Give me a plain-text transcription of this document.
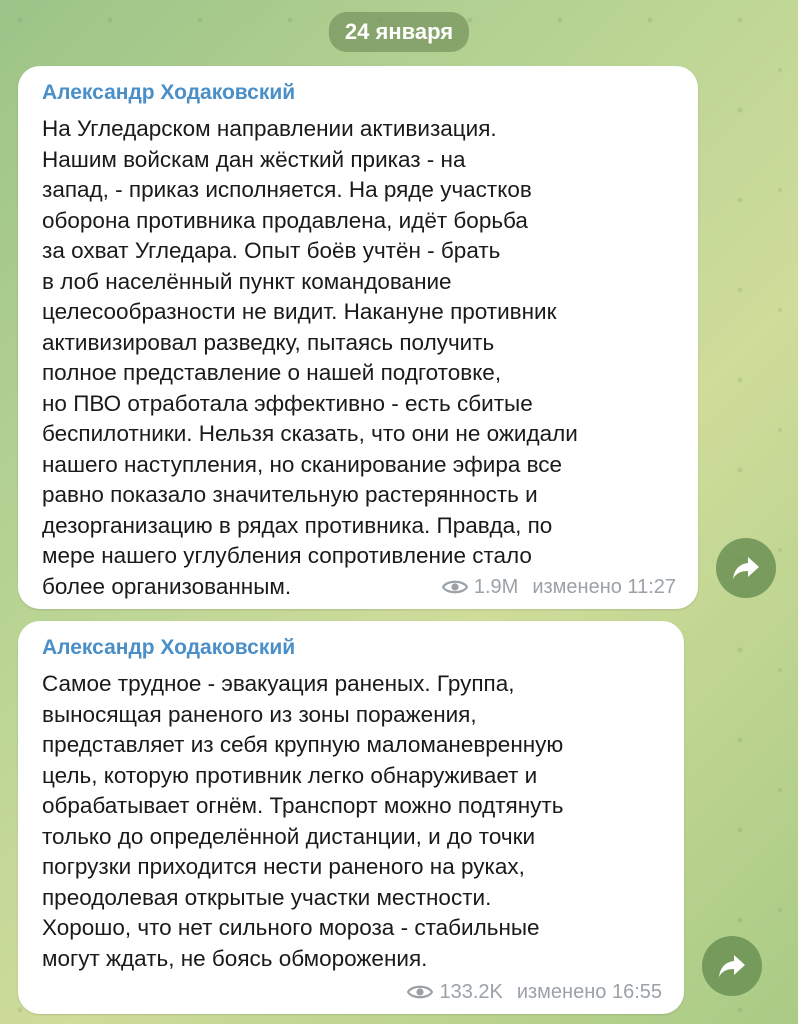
24 января
Александр Ходаковский
На Угледарском направлении активизация.
Нашим войскам дан жёсткий приказ - на
запад, - приказ исполняется. На ряде участков
оборона противника продавлена, идёт борьба
за охват Угледара. Опыт боёв учтён - брать
в лоб населённый пункт командование
целесообразности не видит. Накануне противник
активизировал разведку, пытаясь получить
полное представление о нашей подготовке,
но ПВО отработала эффективно - есть сбитые
беспилотники. Нельзя сказать, что они не ожидали
нашего наступления, но сканирование эфира все
равно показало значительную растерянность и
дезорганизацию в рядах противника. Правда, по
мере нашего углубления сопротивление стало
более организованным.	1.9M изменено 11:27
Александр Ходаковский
Самое трудное - эвакуация раненых. Группа,
выносящая раненого из зоны поражения,
представляет из себя крупную маломаневренную
цель, которую противник легко обнаруживает и
обрабатывает огнём. Транспорт можно подтянуть
только до определённой дистанции, и до точки
погрузки приходится нести раненого на руках,
преодолевая открытые участки местности.
Хорошо, что нет сильного мороза - стабильные
могут ждать, не боясь обморожения.
133.2K изменено 16:55
